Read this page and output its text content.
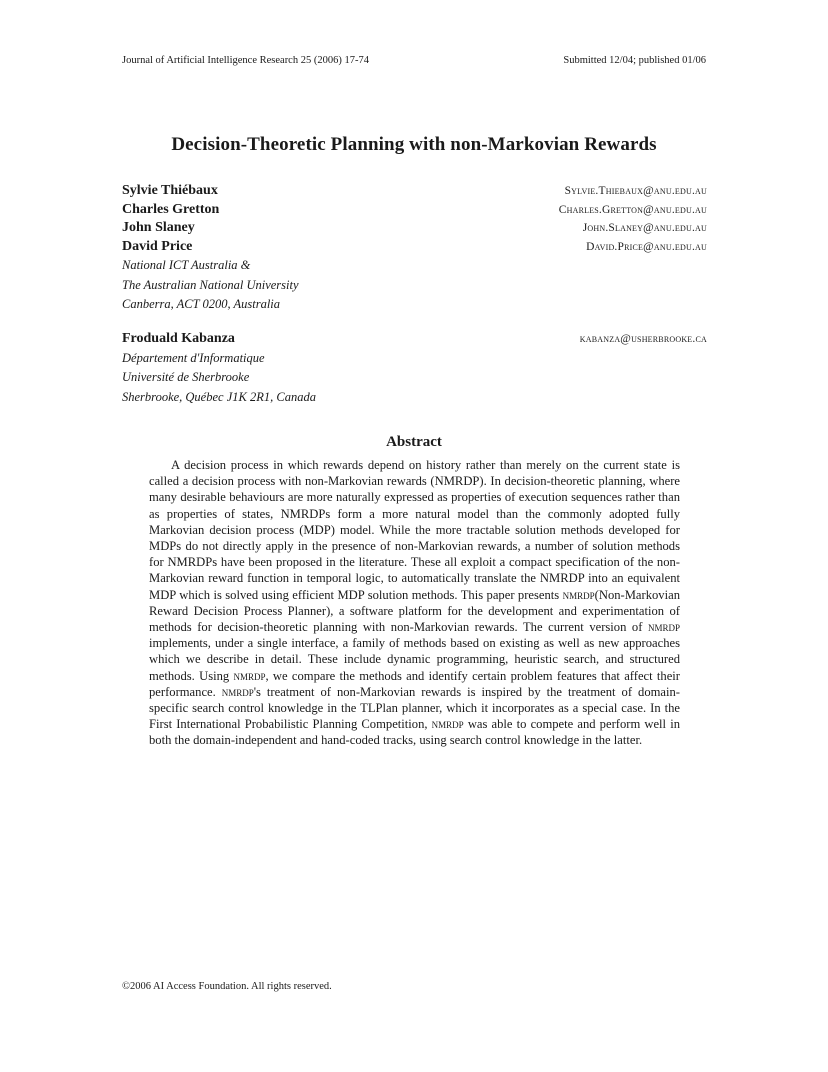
Journal of Artificial Intelligence Research 25 (2006) 17-74	Submitted 12/04; published 01/06
Decision-Theoretic Planning with non-Markovian Rewards
Sylvie Thiébaux	Sylvie.Thiebaux@anu.edu.au
Charles Gretton	Charles.Gretton@anu.edu.au
John Slaney	John.Slaney@anu.edu.au
David Price	David.Price@anu.edu.au
National ICT Australia &
The Australian National University
Canberra, ACT 0200, Australia
Froduald Kabanza	kabanza@usherbrooke.ca
Département d'Informatique
Université de Sherbrooke
Sherbrooke, Québec J1K 2R1, Canada
Abstract
A decision process in which rewards depend on history rather than merely on the current state is called a decision process with non-Markovian rewards (NMRDP). In decision-theoretic planning, where many desirable behaviours are more naturally expressed as properties of execution sequences rather than as properties of states, NMRDPs form a more natural model than the commonly adopted fully Markovian decision process (MDP) model. While the more tractable solution methods developed for MDPs do not directly apply in the presence of non-Markovian rewards, a number of solution methods for NMRDPs have been proposed in the literature. These all exploit a compact specification of the non-Markovian reward function in temporal logic, to automatically translate the NMRDP into an equivalent MDP which is solved using efficient MDP solution methods. This paper presents nmrdp(Non-Markovian Reward Decision Process Planner), a software platform for the development and experimentation of methods for decision-theoretic planning with non-Markovian rewards. The current version of nmrdp implements, under a single interface, a family of methods based on existing as well as new approaches which we describe in detail. These include dynamic programming, heuristic search, and structured methods. Using nmrdp, we compare the methods and identify certain problem features that affect their performance. nmrdp's treatment of non-Markovian rewards is inspired by the treatment of domain-specific search control knowledge in the TLPlan planner, which it incorporates as a special case. In the First International Probabilistic Planning Competition, nmrdp was able to compete and perform well in both the domain-independent and hand-coded tracks, using search control knowledge in the latter.
©2006 AI Access Foundation. All rights reserved.
